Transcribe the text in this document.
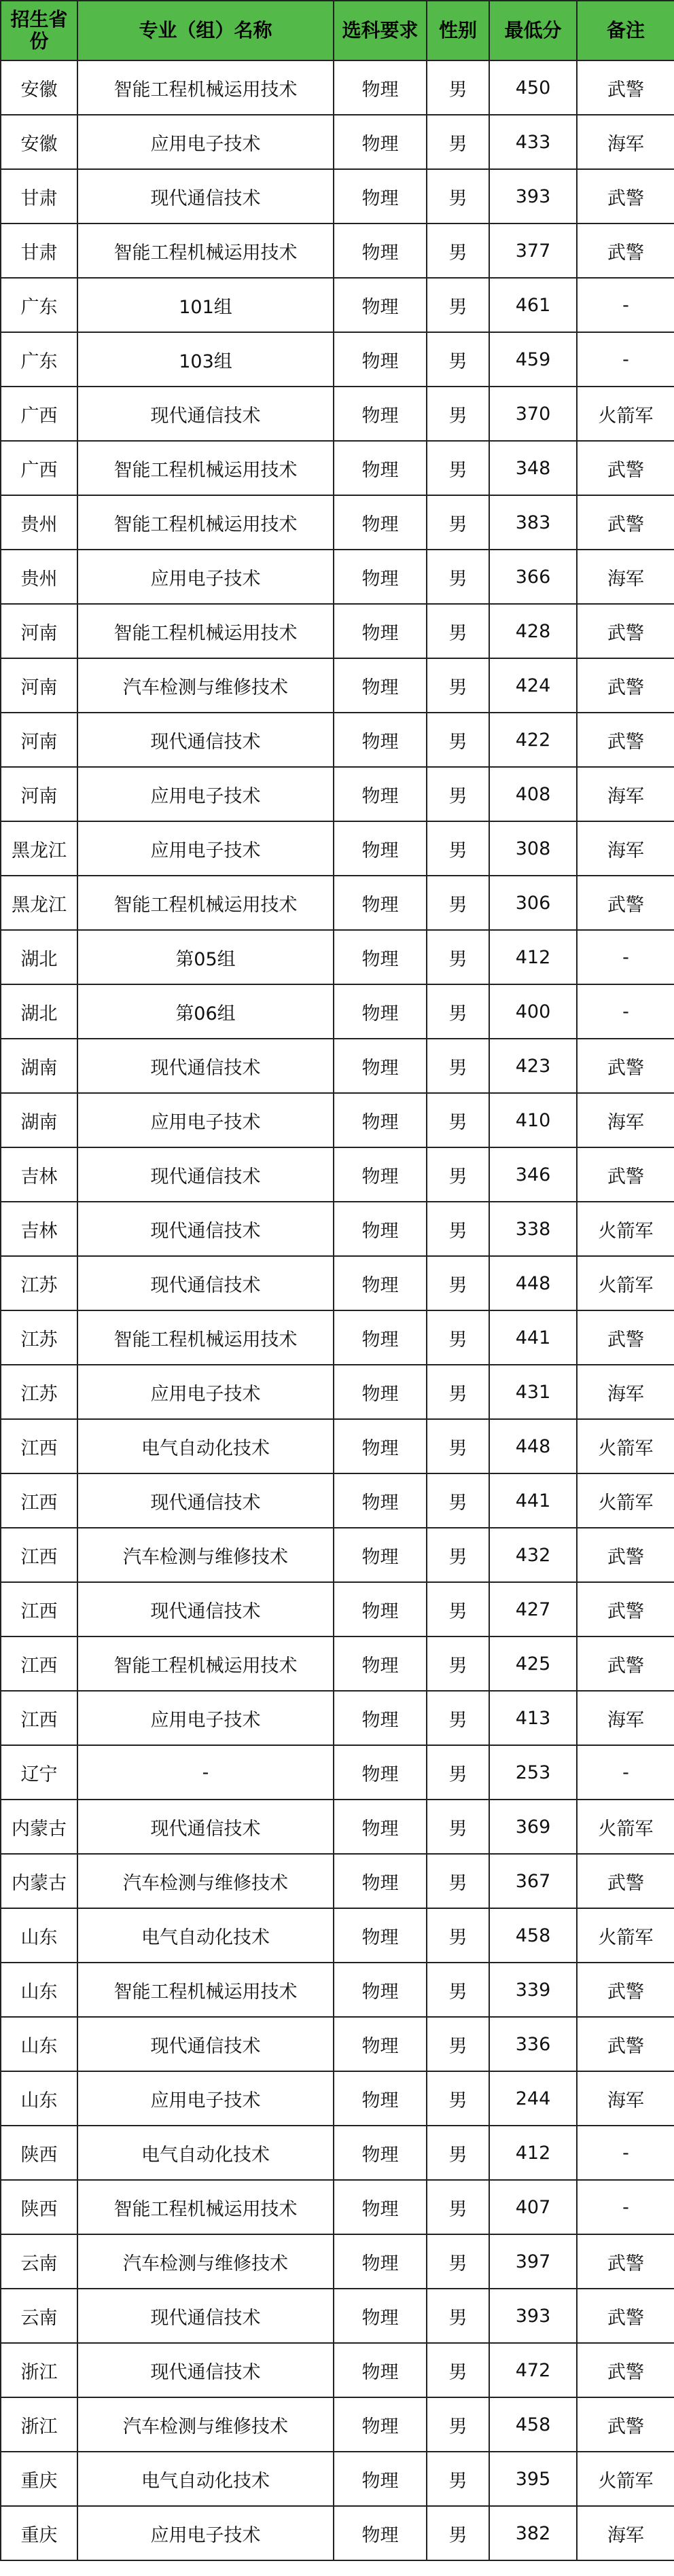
招生省份	专业（组）名称	选科要求	性别	最低分	备注
安徽	智能工程机械运用技术	物理	男	450	武警
安徽	应用电子技术	物理	男	433	海军
甘肃	现代通信技术	物理	男	393	武警
甘肃	智能工程机械运用技术	物理	男	377	武警
广东	101组	物理	男	461	-
广东	103组	物理	男	459	-
广西	现代通信技术	物理	男	370	火箭军
广西	智能工程机械运用技术	物理	男	348	武警
贵州	智能工程机械运用技术	物理	男	383	武警
贵州	应用电子技术	物理	男	366	海军
河南	智能工程机械运用技术	物理	男	428	武警
河南	汽车检测与维修技术	物理	男	424	武警
河南	现代通信技术	物理	男	422	武警
河南	应用电子技术	物理	男	408	海军
黑龙江	应用电子技术	物理	男	308	海军
黑龙江	智能工程机械运用技术	物理	男	306	武警
湖北	第05组	物理	男	412	-
湖北	第06组	物理	男	400	-
湖南	现代通信技术	物理	男	423	武警
湖南	应用电子技术	物理	男	410	海军
吉林	现代通信技术	物理	男	346	武警
吉林	现代通信技术	物理	男	338	火箭军
江苏	现代通信技术	物理	男	448	火箭军
江苏	智能工程机械运用技术	物理	男	441	武警
江苏	应用电子技术	物理	男	431	海军
江西	电气自动化技术	物理	男	448	火箭军
江西	现代通信技术	物理	男	441	火箭军
江西	汽车检测与维修技术	物理	男	432	武警
江西	现代通信技术	物理	男	427	武警
江西	智能工程机械运用技术	物理	男	425	武警
江西	应用电子技术	物理	男	413	海军
辽宁	-	物理	男	253	-
内蒙古	现代通信技术	物理	男	369	火箭军
内蒙古	汽车检测与维修技术	物理	男	367	武警
山东	电气自动化技术	物理	男	458	火箭军
山东	智能工程机械运用技术	物理	男	339	武警
山东	现代通信技术	物理	男	336	武警
山东	应用电子技术	物理	男	244	海军
陕西	电气自动化技术	物理	男	412	-
陕西	智能工程机械运用技术	物理	男	407	-
云南	汽车检测与维修技术	物理	男	397	武警
云南	现代通信技术	物理	男	393	武警
浙江	现代通信技术	物理	男	472	武警
浙江	汽车检测与维修技术	物理	男	458	武警
重庆	电气自动化技术	物理	男	395	火箭军
重庆	应用电子技术	物理	男	382	海军
